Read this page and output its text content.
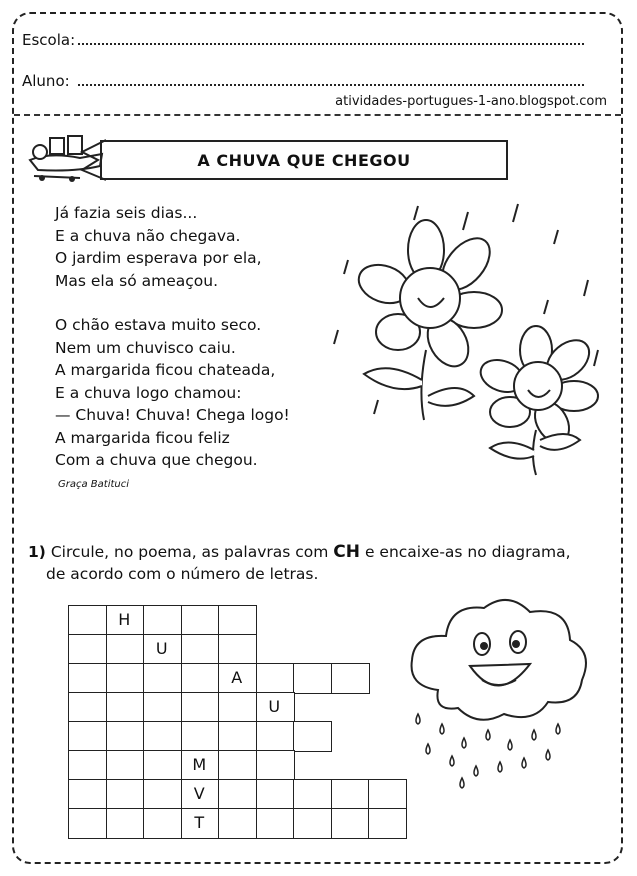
Escola:
Aluno:
atividades-portugues-1-ano.blogspot.com
A CHUVA QUE CHEGOU

Já fazia seis dias...

E a chuva não chegava.

O jardim esperava por ela,

Mas ela só ameaçou.

O chão estava muito seco.

Nem um chuvisco caiu.

A margarida ficou chateada,

E a chuva logo chamou:

— Chuva! Chuva! Chega logo!

A margarida ficou feliz

Com a chuva que chegou.

Graça Batituci
1) Circule, no poema, as palavras com CH e encaixe-as no diagrama,
de acordo com o número de letras.
H
U
A
U
M
V
T
